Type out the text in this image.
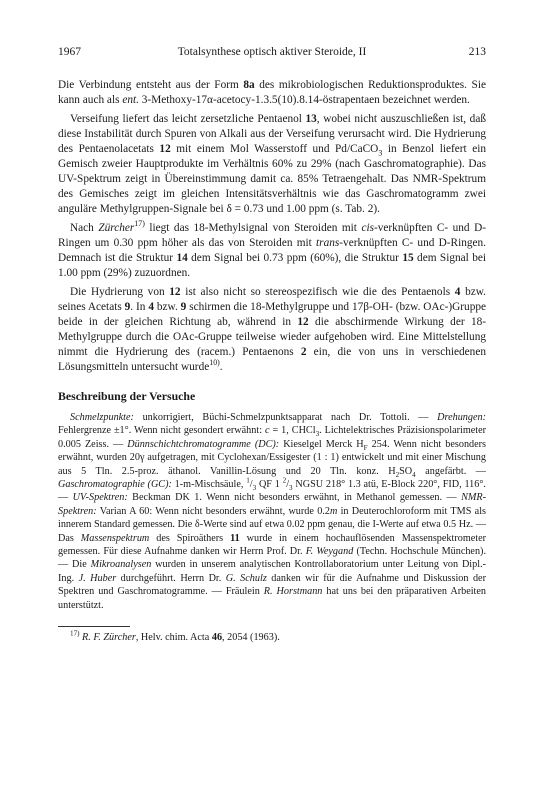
1967	Totalsynthese optisch aktiver Steroide, II	213

Die Verbindung entsteht aus der Form 8a des mikrobiologischen Reduktionsproduktes. Sie kann auch als ent. 3-Methoxy-17α-acetocy-1.3.5(10).8.14-östrapentaen bezeichnet werden.

Verseifung liefert das leicht zersetzliche Pentaenol 13, wobei nicht auszuschließen ist, daß diese Instabilität durch Spuren von Alkali aus der Verseifung verursacht wird. Die Hydrierung des Pentaenolacetats 12 mit einem Mol Wasserstoff und Pd/CaCO$_3$ in Benzol liefert ein Gemisch zweier Hauptprodukte im Verhältnis 60% zu 29% (nach Gaschromatographie). Das UV-Spektrum zeigt in Übereinstimmung damit ca. 85% Tetraengehalt. Das NMR-Spektrum des Gemisches zeigt im gleichen Intensitätsverhältnis wie das Gaschromatogramm zwei anguläre Methylgruppen-Signale bei δ = 0.73 und 1.00 ppm (s. Tab. 2).

Nach Zürcher$^{17)}$ liegt das 18-Methylsignal von Steroiden mit cis-verknüpften C- und D-Ringen um 0.30 ppm höher als das von Steroiden mit trans-verknüpften C- und D-Ringen. Demnach ist die Struktur 14 dem Signal bei 0.73 ppm (60%), die Struktur 15 dem Signal bei 1.00 ppm (29%) zuzuordnen.

Die Hydrierung von 12 ist also nicht so stereospezifisch wie die des Pentaenols 4 bzw. seines Acetats 9. In 4 bzw. 9 schirmen die 18-Methylgruppe und 17β-OH- (bzw. OAc-)Gruppe beide in der gleichen Richtung ab, während in 12 die abschirmende Wirkung der 18-Methylgruppe durch die OAc-Gruppe teilweise wieder aufgehoben wird. Eine Mittelstellung nimmt die Hydrierung des (racem.) Pentaenons 2 ein, die von uns in verschiedenen Lösungsmitteln untersucht wurde$^{10)}$.

Beschreibung der Versuche

Schmelzpunkte: unkorrigiert, Büchi-Schmelzpunktsapparat nach Dr. Tottoli. — Drehungen: Fehlergrenze ±1°. Wenn nicht gesondert erwähnt: c = 1, CHCl$_3$. Lichtelektrisches Präzisionspolarimeter 0.005 Zeiss. — Dünnschichtchromatogramme (DC): Kieselgel Merck $H_F$ 254. Wenn nicht besonders erwähnt, wurden 20γ aufgetragen, mit Cyclohexan/Essigester (1 : 1) entwickelt und mit einer Mischung aus 5 Tln. 2.5-proz. äthanol. Vanillin-Lösung und 20 Tln. konz. $H_2SO_4$ angefärbt. — Gaschromatographie (GC): 1-m-Mischsäule, $^1/_3$ QF 1 $^2/_3$ NGSU 218° 1.3 atü, E-Block 220°, FID, 116°. — UV-Spektren: Beckman DK 1. Wenn nicht besonders erwähnt, in Methanol gemessen. — NMR-Spektren: Varian A 60: Wenn nicht besonders erwähnt, wurde 0.2m in Deuterochloroform mit TMS als innerem Standard gemessen. Die δ-Werte sind auf etwa 0.02 ppm genau, die I-Werte auf etwa 0.5 Hz. — Das Massenspektrum des Spiroäthers 11 wurde in einem hochauflösenden Massenspektrometer gemessen. Für diese Aufnahme danken wir Herrn Prof. Dr. F. Weygand (Techn. Hochschule München). — Die Mikroanalysen wurden in unserem analytischen Kontrollaboratorium unter Leitung von Dipl.-Ing. J. Huber durchgeführt. Herrn Dr. G. Schulz danken wir für die Aufnahme und Diskussion der Spektren und Gaschromatogramme. — Fräulein R. Horstmann hat uns bei den präparativen Arbeiten unterstützt.

$^{17)}$ R. F. Zürcher, Helv. chim. Acta 46, 2054 (1963).
